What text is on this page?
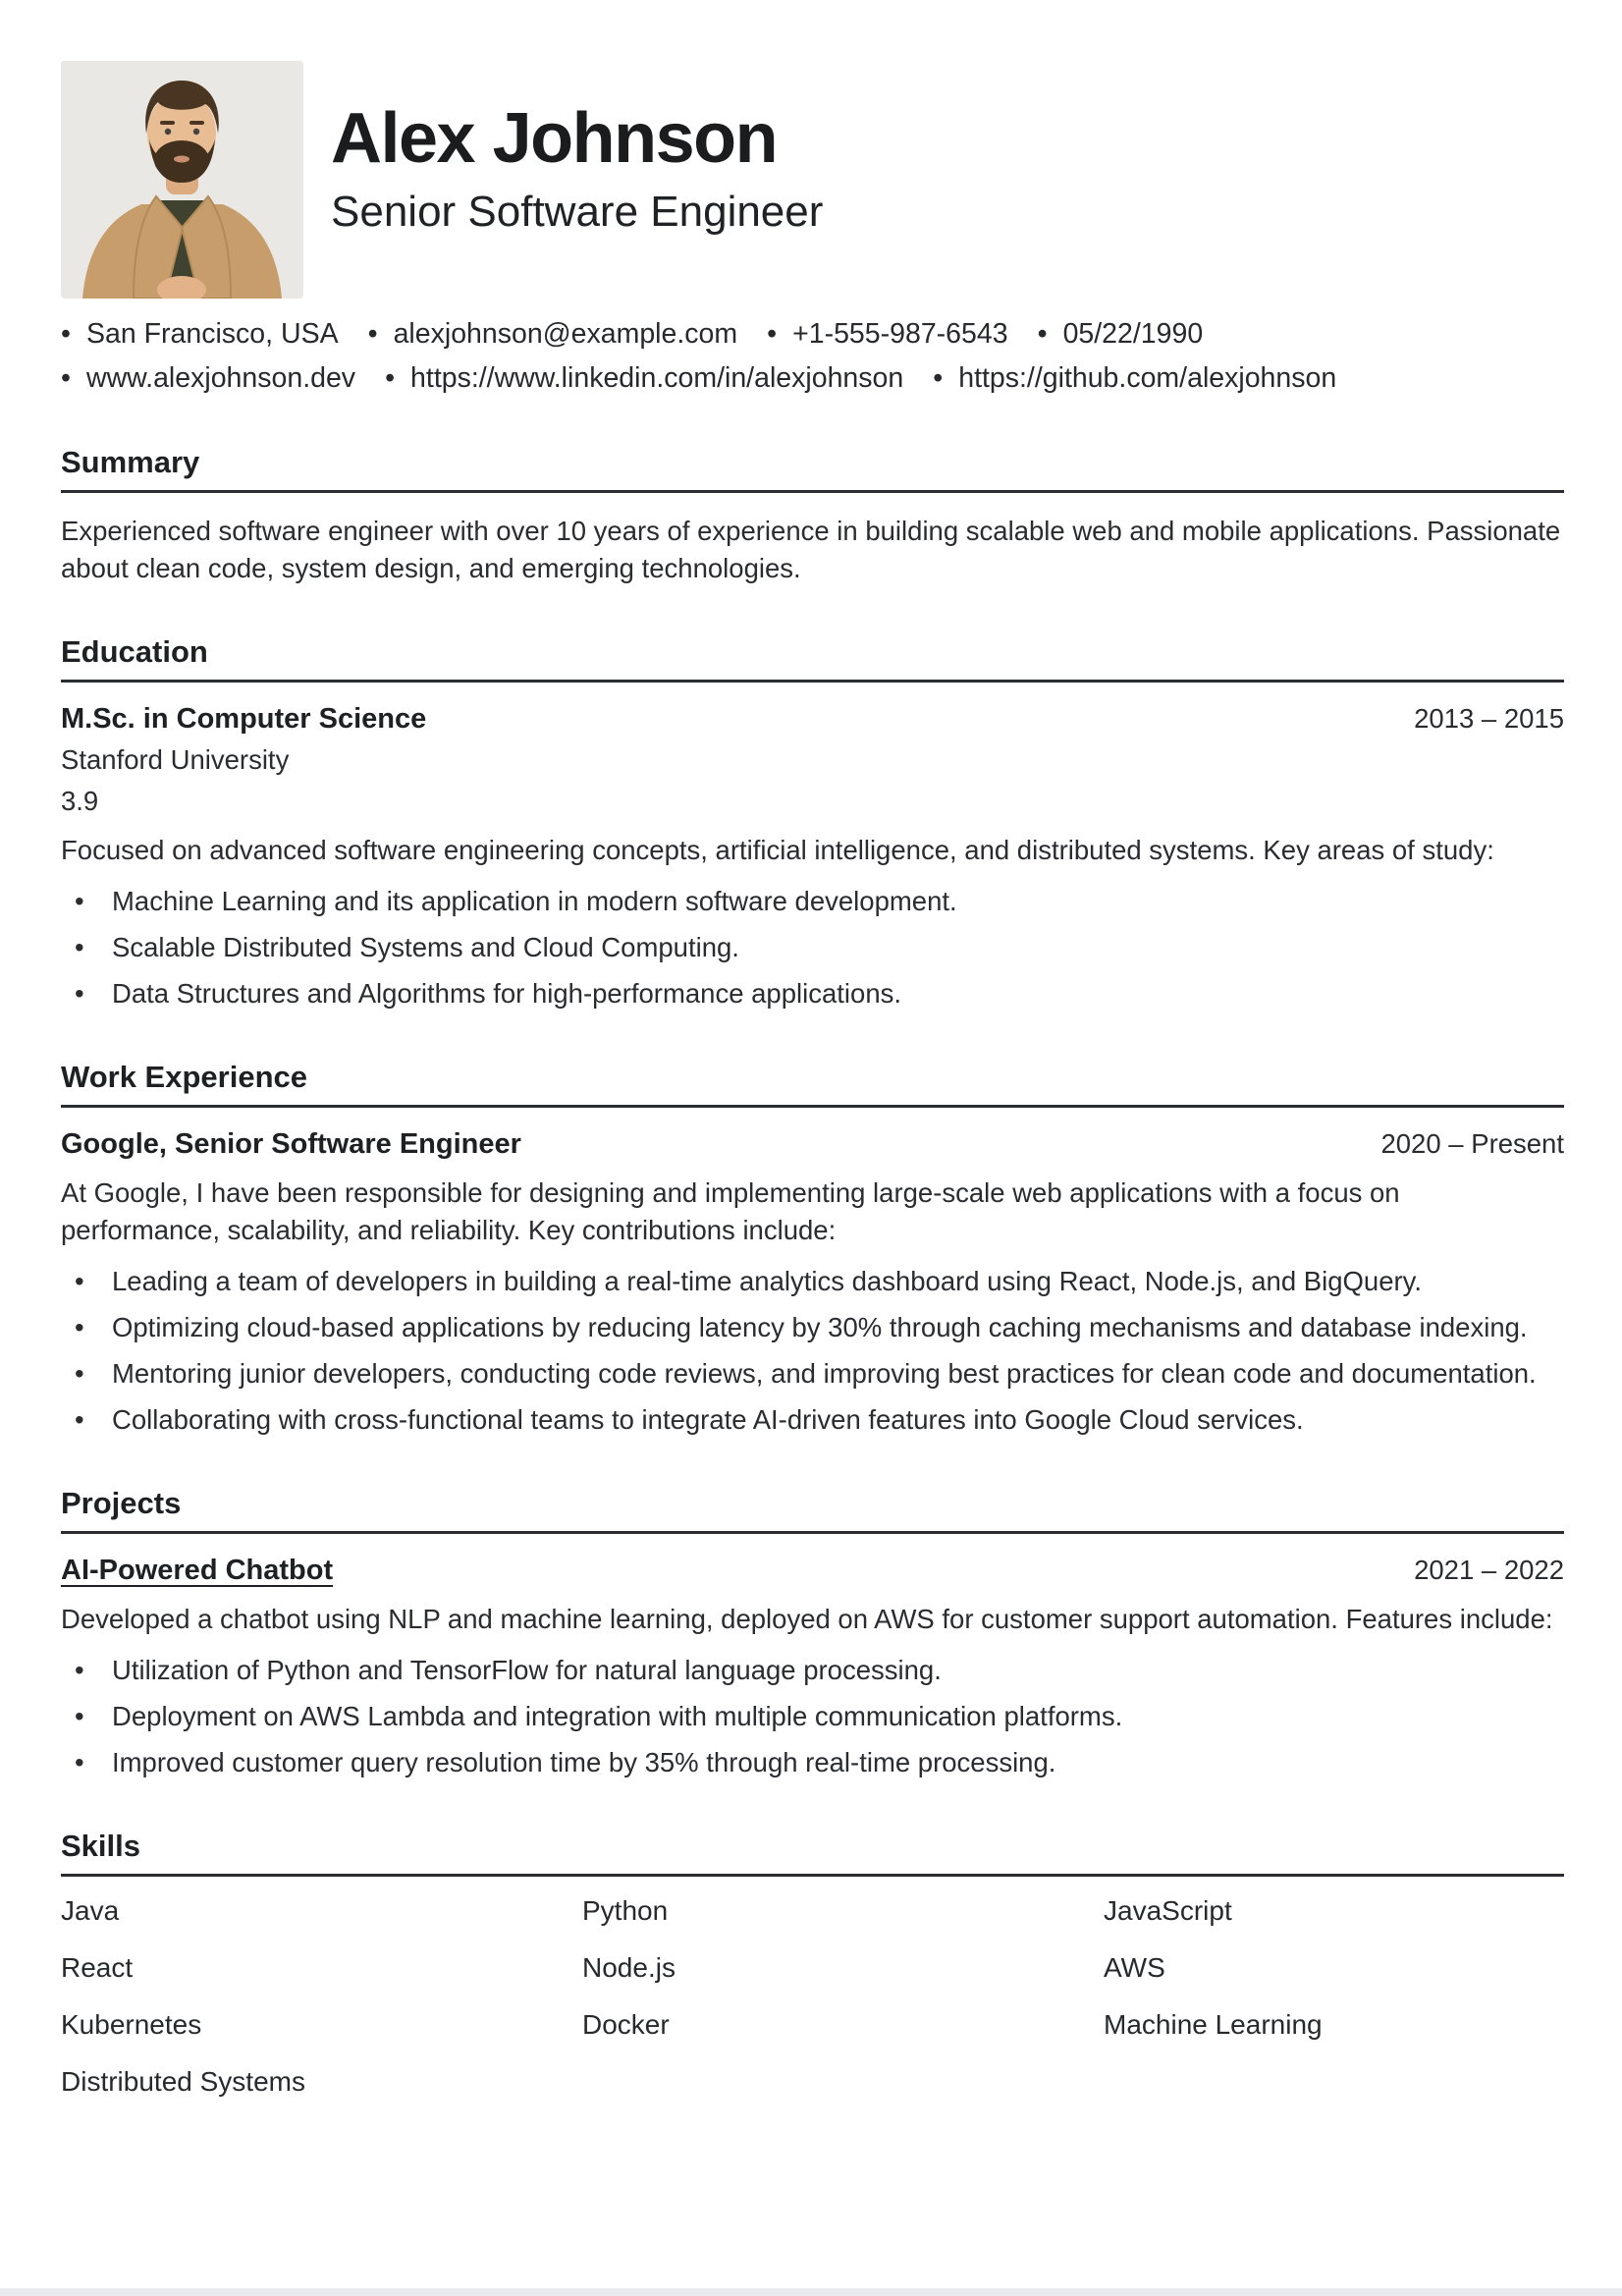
Alex Johnson
Senior Software Engineer
• San Francisco, USA	• alexjohnson@example.com	• +1-555-987-6543	• 05/22/1990
• www.alexjohnson.dev	• https://www.linkedin.com/in/alexjohnson	• https://github.com/alexjohnson
Summary

Experienced software engineer with over 10 years of experience in building scalable web and mobile applications. Passionate about clean code, system design, and emerging technologies.

Education
M.Sc. in Computer Science	2013 – 2015
Stanford University
3.9

Focused on advanced software engineering concepts, artificial intelligence, and distributed systems. Key areas of study:

• Machine Learning and its application in modern software development.
• Scalable Distributed Systems and Cloud Computing.
• Data Structures and Algorithms for high-performance applications.
Work Experience
Google, Senior Software Engineer	2020 – Present

At Google, I have been responsible for designing and implementing large-scale web applications with a focus on performance, scalability, and reliability. Key contributions include:

• Leading a team of developers in building a real-time analytics dashboard using React, Node.js, and BigQuery.
• Optimizing cloud-based applications by reducing latency by 30% through caching mechanisms and database indexing.
• Mentoring junior developers, conducting code reviews, and improving best practices for clean code and documentation.
• Collaborating with cross-functional teams to integrate AI-driven features into Google Cloud services.
Projects
AI-Powered Chatbot	2021 – 2022

Developed a chatbot using NLP and machine learning, deployed on AWS for customer support automation. Features include:

• Utilization of Python and TensorFlow for natural language processing.
• Deployment on AWS Lambda and integration with multiple communication platforms.
• Improved customer query resolution time by 35% through real-time processing.
Skills
Java	Python	JavaScript
React	Node.js	AWS
Kubernetes	Docker	Machine Learning
Distributed Systems
